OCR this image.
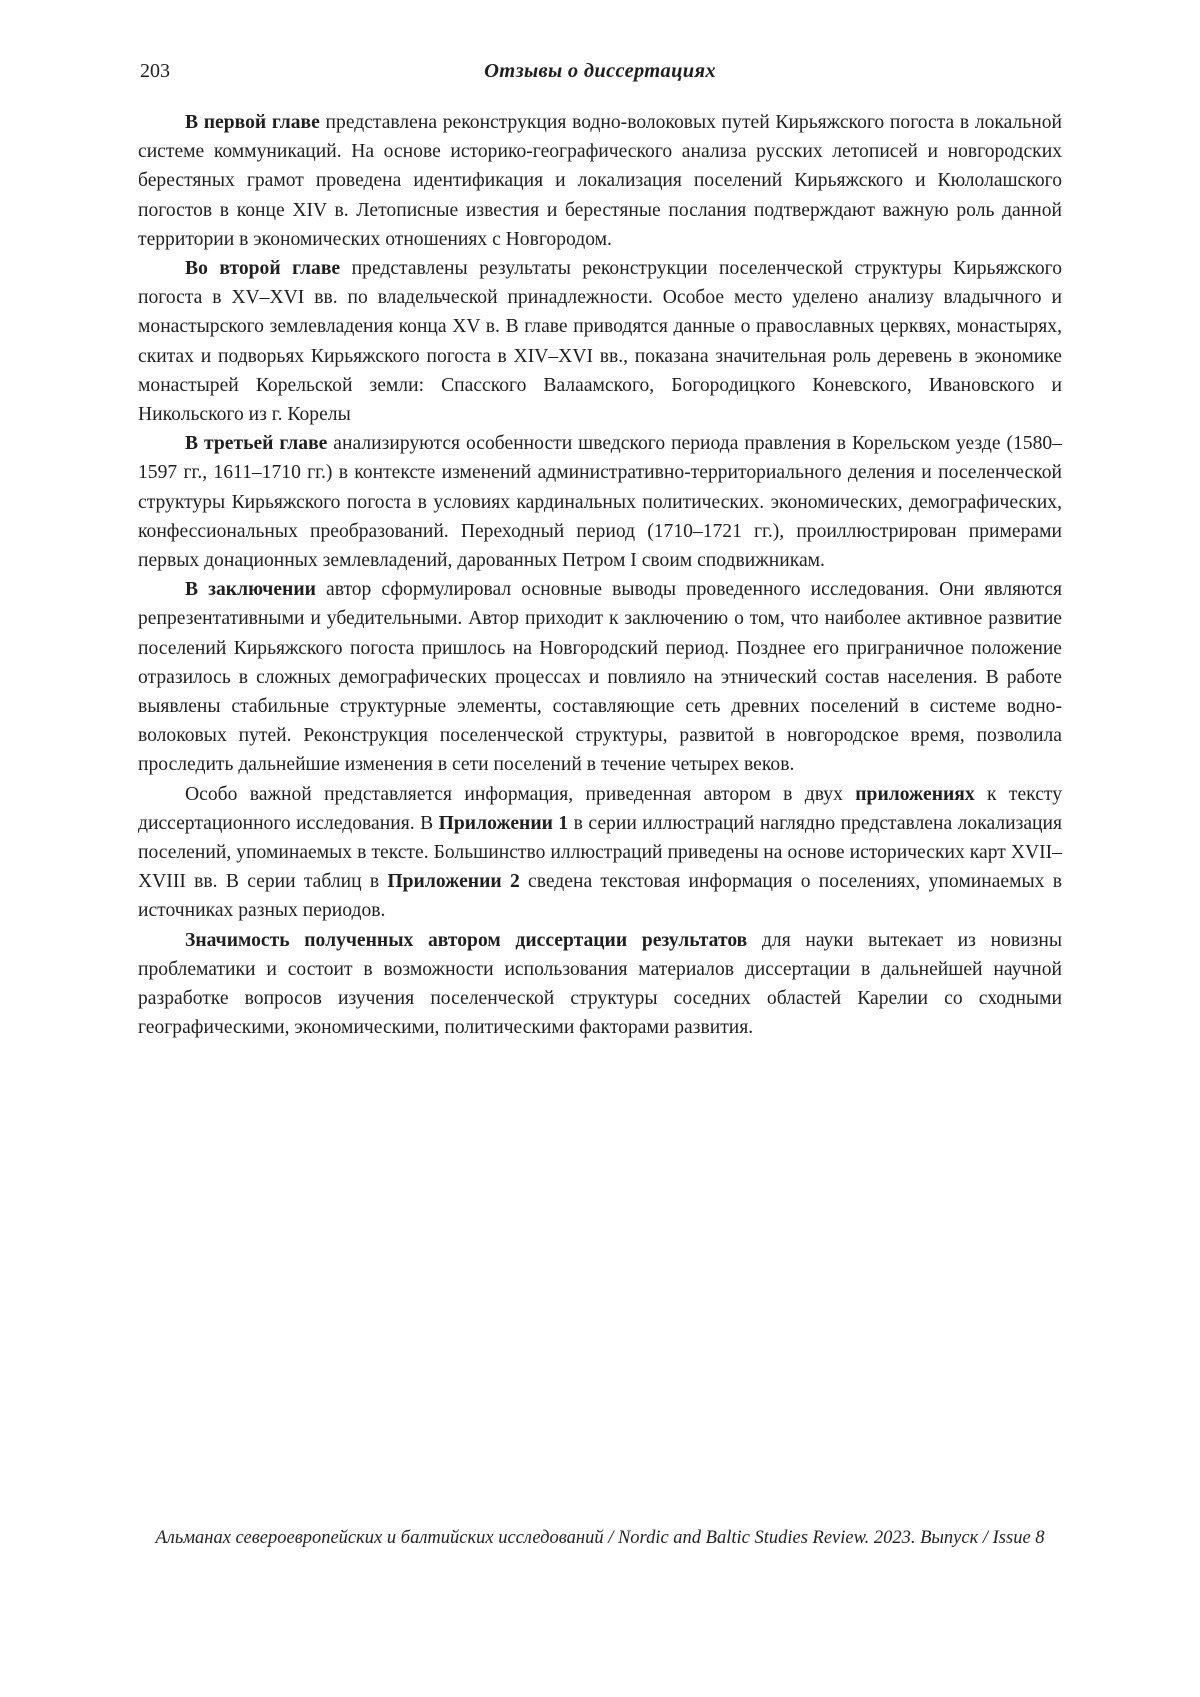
203	Отзывы о диссертациях

В первой главе представлена реконструкция водно-волоковых путей Кирьяжского погоста в локальной системе коммуникаций. На основе историко-географического анализа русских летописей и новгородских берестяных грамот проведена идентификация и локализация поселений Кирьяжского и Кюлолашского погостов в конце XIV в. Летописные известия и берестяные послания подтверждают важную роль данной территории в экономических отношениях с Новгородом.

Во второй главе представлены результаты реконструкции поселенческой структуры Кирьяжского погоста в XV–XVI вв. по владельческой принадлежности. Особое место уделено анализу владычного и монастырского землевладения конца XV в. В главе приводятся данные о православных церквях, монастырях, скитах и подворьях Кирьяжского погоста в XIV–XVI вв., показана значительная роль деревень в экономике монастырей Корельской земли: Спасского Валаамского, Богородицкого Коневского, Ивановского и Никольского из г. Корелы

В третьей главе анализируются особенности шведского периода правления в Корельском уезде (1580–1597 гг., 1611–1710 гг.) в контексте изменений административно-территориального деления и поселенческой структуры Кирьяжского погоста в условиях кардинальных политических. экономических, демографических, конфессиональных преобразований. Переходный период (1710–1721 гг.), проиллюстрирован примерами первых донационных землевладений, дарованных Петром I своим сподвижникам.

В заключении автор сформулировал основные выводы проведенного исследования. Они являются репрезентативными и убедительными. Автор приходит к заключению о том, что наиболее активное развитие поселений Кирьяжского погоста пришлось на Новгородский период. Позднее его приграничное положение отразилось в сложных демографических процессах и повлияло на этнический состав населения. В работе выявлены стабильные структурные элементы, составляющие сеть древних поселений в системе водно-волоковых путей. Реконструкция поселенческой структуры, развитой в новгородское время, позволила проследить дальнейшие изменения в сети поселений в течение четырех веков.

Особо важной представляется информация, приведенная автором в двух приложениях к тексту диссертационного исследования. В Приложении 1 в серии иллюстраций наглядно представлена локализация поселений, упоминаемых в тексте. Большинство иллюстраций приведены на основе исторических карт XVII–XVIII вв. В серии таблиц в Приложении 2 сведена текстовая информация о поселениях, упоминаемых в источниках разных периодов.

Значимость полученных автором диссертации результатов для науки вытекает из новизны проблематики и состоит в возможности использования материалов диссертации в дальнейшей научной разработке вопросов изучения поселенческой структуры соседних областей Карелии со сходными географическими, экономическими, политическими факторами развития.

Альманах североевропейских и балтийских исследований / Nordic and Baltic Studies Review. 2023. Выпуск / Issue 8
